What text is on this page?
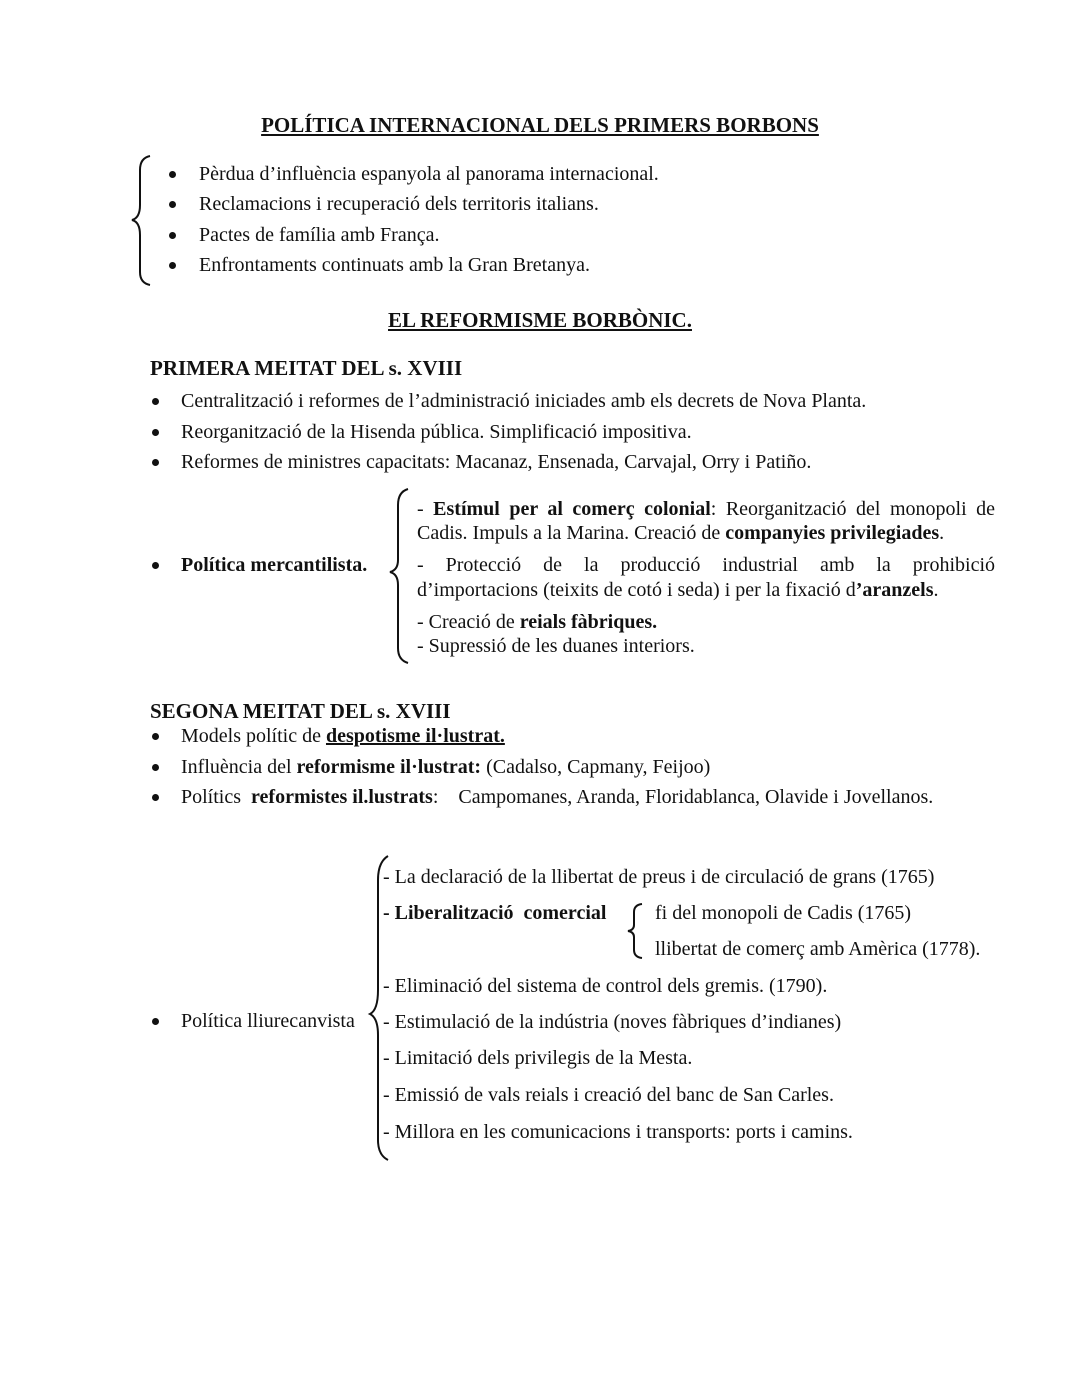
POLÍTICA INTERNACIONAL DELS PRIMERS BORBONS
Pèrdua d’influència espanyola al panorama internacional.
Reclamacions i recuperació dels territoris italians.
Pactes de família amb França.
Enfrontaments continuats amb la Gran Bretanya.
EL REFORMISME BORBÒNIC.
PRIMERA MEITAT DEL s. XVIII
Centralització i reformes de l’administració iniciades amb els decrets de Nova Planta.
Reorganització de la Hisenda pública. Simplificació impositiva.
Reformes de ministres capacitats: Macanaz, Ensenada, Carvajal, Orry i Patiño.
Política mercantilista.
- Estímul per al comerç colonial: Reorganització del monopoli de
Cadis. Impuls a la Marina. Creació de companyies privilegiades.
- Protecció de la producció industrial amb la prohibició
d’importacions (teixits de cotó i seda) i per la fixació d’aranzels.
- Creació de reials fàbriques.
- Supressió de les duanes interiors.
SEGONA MEITAT DEL s. XVIII
Models polític de despotisme il·lustrat.
Influència del reformisme il·lustrat: (Cadalso, Capmany, Feijoo)
Polítics  reformistes il.lustrats:    Campomanes, Aranda, Floridablanca, Olavide i Jovellanos.
Política lliurecanvista
- La declaració de la llibertat de preus i de circulació de grans (1765)
- Liberalització  comercial fi del monopoli de Cadis (1765)
llibertat de comerç amb Amèrica (1778).
- Eliminació del sistema de control dels gremis. (1790).
- Estimulació de la indústria (noves fàbriques d’indianes)
- Limitació dels privilegis de la Mesta.
- Emissió de vals reials i creació del banc de San Carles.
- Millora en les comunicacions i transports: ports i camins.
